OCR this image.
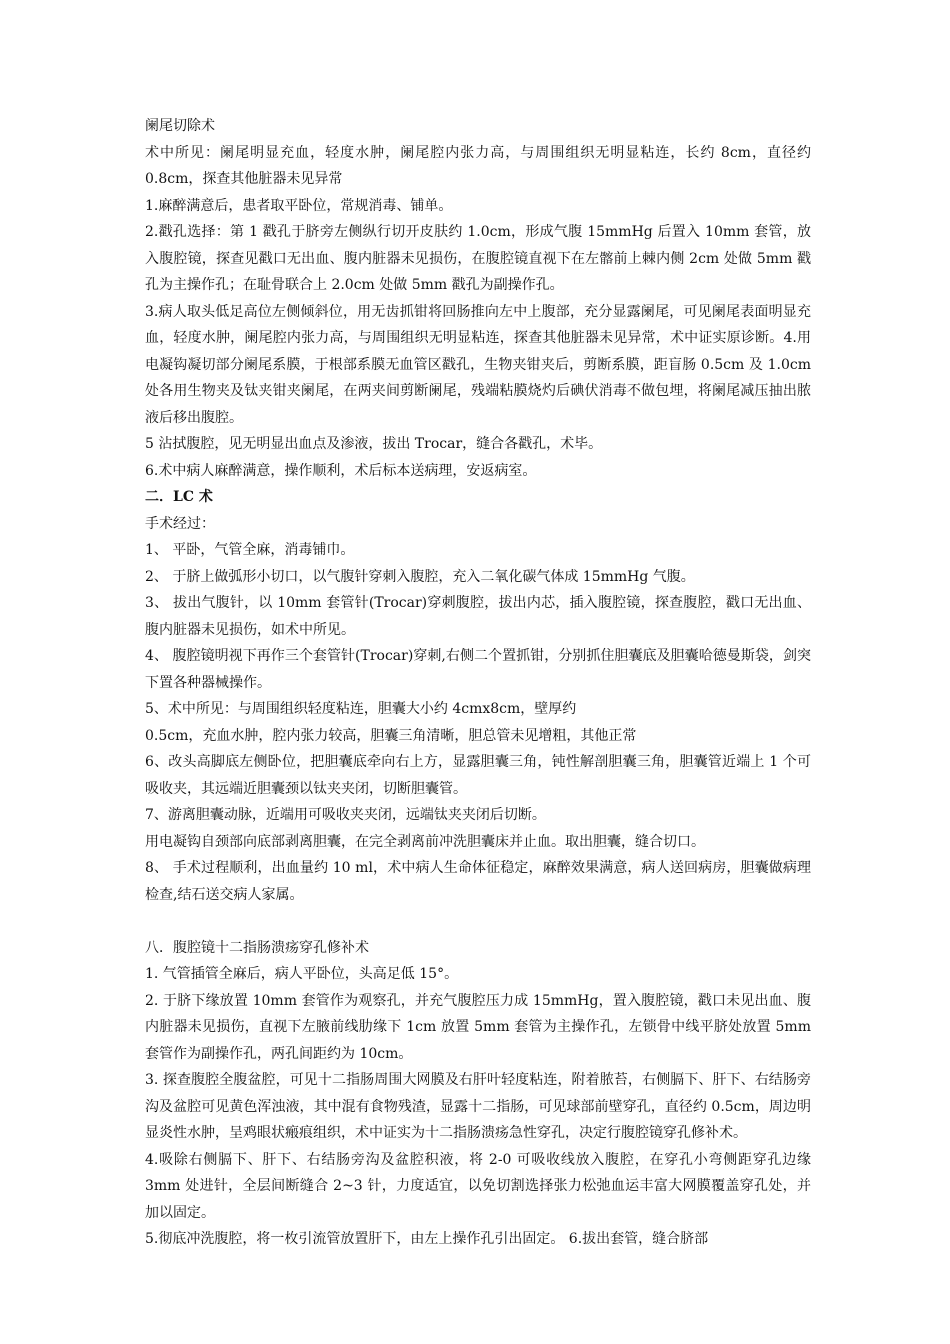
阑尾切除术

术中所见：阑尾明显充血，轻度水肿，阑尾腔内张力高，与周围组织无明显粘连，长约 8cm，直径约 0.8cm，探查其他脏器未见异常

1.麻醉满意后，患者取平卧位，常规消毒、铺单。

2.戳孔选择：第 1 戳孔于脐旁左侧纵行切开皮肤约 1.0cm，形成气腹 15mmHg 后置入 10mm 套管，放入腹腔镜，探查见戳口无出血、腹内脏器未见损伤，在腹腔镜直视下在左髂前上棘内侧 2cm 处做 5mm 戳孔为主操作孔；在耻骨联合上 2.0cm 处做 5mm 戳孔为副操作孔。

3.病人取头低足高位左侧倾斜位，用无齿抓钳将回肠推向左中上腹部，充分显露阑尾，可见阑尾表面明显充血，轻度水肿，阑尾腔内张力高，与周围组织无明显粘连，探查其他脏器未见异常，术中证实原诊断。4.用电凝钩凝切部分阑尾系膜，于根部系膜无血管区戳孔，生物夹钳夹后，剪断系膜，距盲肠 0.5cm 及 1.0cm 处各用生物夹及钛夹钳夹阑尾，在两夹间剪断阑尾，残端粘膜烧灼后碘伏消毒不做包埋，将阑尾减压抽出脓液后移出腹腔。

5 沾拭腹腔，见无明显出血点及渗液，拔出 Trocar，缝合各戳孔，术毕。

6.术中病人麻醉满意，操作顺利，术后标本送病理，安返病室。

二．LC 术

手术经过：

1、 平卧，气管全麻，消毒铺巾。

2、 于脐上做弧形小切口，以气腹针穿刺入腹腔，充入二氧化碳气体成 15mmHg 气腹。

3、 拔出气腹针，以 10mm 套管针(Trocar)穿刺腹腔，拔出内芯，插入腹腔镜，探查腹腔，戳口无出血、腹内脏器未见损伤，如术中所见。

4、 腹腔镜明视下再作三个套管针(Trocar)穿刺,右侧二个置抓钳，分别抓住胆囊底及胆囊哈德曼斯袋，剑突下置各种器械操作。

5、术中所见：与周围组织轻度粘连，胆囊大小约 4cmx8cm，壁厚约

0.5cm，充血水肿，腔内张力较高，胆囊三角清晰，胆总管未见增粗，其他正常

6、改头高脚底左侧卧位，把胆囊底牵向右上方，显露胆囊三角，钝性解剖胆囊三角，胆囊管近端上 1 个可吸收夹，其远端近胆囊颈以钛夹夹闭，切断胆囊管。

7、游离胆囊动脉，近端用可吸收夹夹闭，远端钛夹夹闭后切断。

用电凝钩自颈部向底部剥离胆囊，在完全剥离前冲洗胆囊床并止血。取出胆囊，缝合切口。

8、 手术过程顺利，出血量约 10 ml，术中病人生命体征稳定，麻醉效果满意，病人送回病房，胆囊做病理检查,结石送交病人家属。

八．腹腔镜十二指肠溃疡穿孔修补术

1. 气管插管全麻后，病人平卧位，头高足低 15°。

2. 于脐下缘放置 10mm 套管作为观察孔，并充气腹腔压力成 15mmHg，置入腹腔镜，戳口未见出血、腹内脏器未见损伤，直视下左腋前线肋缘下 1cm 放置 5mm 套管为主操作孔，左锁骨中线平脐处放置 5mm 套管作为副操作孔，两孔间距约为 10cm。

3. 探查腹腔全腹盆腔，可见十二指肠周围大网膜及右肝叶轻度粘连，附着脓苔，右侧膈下、肝下、右结肠旁沟及盆腔可见黄色浑浊液，其中混有食物残渣，显露十二指肠，可见球部前壁穿孔，直径约 0.5cm，周边明显炎性水肿，呈鸡眼状瘢痕组织，术中证实为十二指肠溃疡急性穿孔，决定行腹腔镜穿孔修补术。

4.吸除右侧膈下、肝下、右结肠旁沟及盆腔积液，将 2-0 可吸收线放入腹腔，在穿孔小弯侧距穿孔边缘 3mm 处进针，全层间断缝合 2~3 针，力度适宜，以免切割选择张力松弛血运丰富大网膜覆盖穿孔处，并加以固定。

5.彻底冲洗腹腔，将一枚引流管放置肝下，由左上操作孔引出固定。 6.拔出套管，缝合脐部
